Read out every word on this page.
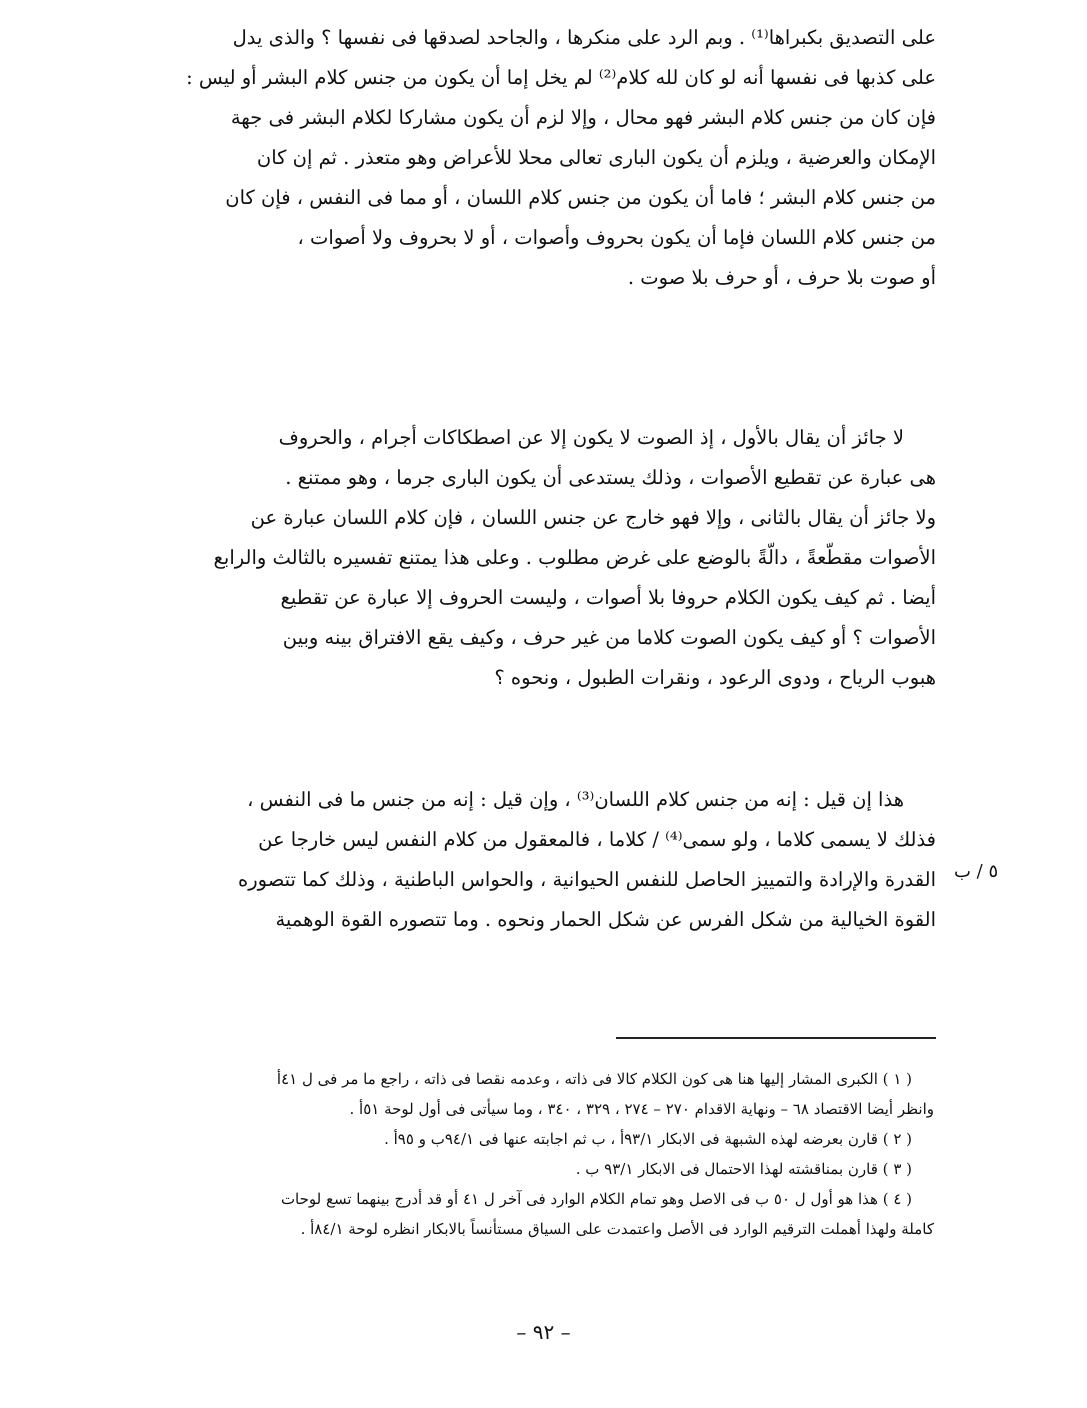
على التصديق بكبراها⁽¹⁾ . وبم الرد على منكرها ، والجاحد لصدقها فى نفسها ؟ والذى يدل
على كذبها فى نفسها أنه لو كان لله كلام⁽²⁾ لم يخل إما أن يكون من جنس كلام البشر أو ليس :
فإن كان من جنس كلام البشر فهو محال ، وإلا لزم أن يكون مشاركا لكلام البشر فى جهة
الإمكان والعرضية ، ويلزم أن يكون البارى تعالى محلا للأعراض وهو متعذر . ثم إن كان
من جنس كلام البشر ؛ فاما أن يكون من جنس كلام اللسان ، أو مما فى النفس ، فإن كان
من جنس كلام اللسان فإما أن يكون بحروف وأصوات ، أو لا بحروف ولا أصوات ،
أو صوت بلا حرف ، أو حرف بلا صوت .

لا جائز أن يقال بالأول ، إذ الصوت لا يكون إلا عن اصطكاكات أجرام ، والحروف
هى عبارة عن تقطيع الأصوات ، وذلك يستدعى أن يكون البارى جرما ، وهو ممتنع .
ولا جائز أن يقال بالثانى ، وإلا فهو خارج عن جنس اللسان ، فإن كلام اللسان عبارة عن
الأصوات مقطّعةً ، دالّةً بالوضع على غرض مطلوب . وعلى هذا يمتنع تفسيره بالثالث والرابع
أيضا . ثم كيف يكون الكلام حروفا بلا أصوات ، وليست الحروف إلا عبارة عن تقطيع
الأصوات ؟ أو كيف يكون الصوت كلاما من غير حرف ، وكيف يقع الافتراق بينه وبين
هبوب الرياح ، ودوى الرعود ، ونقرات الطبول ، ونحوه ؟

هذا إن قيل : إنه من جنس كلام اللسان⁽³⁾ ، وإن قيل : إنه من جنس ما فى النفس ،
فذلك لا يسمى كلاما ، ولو سمى⁽⁴⁾ / كلاما ، فالمعقول من كلام النفس ليس خارجا عن
القدرة والإرادة والتمييز الحاصل للنفس الحيوانية ، والحواس الباطنية ، وذلك كما تتصوره
القوة الخيالية من شكل الفرس عن شكل الحمار ونحوه . وما تتصوره القوة الوهمية

٥ / ب

( ١ ) الكبرى المشار إليها هنا هى كون الكلام كالا فى ذاته ، وعدمه نقصا فى ذاته ، راجع ما مر فى ل ٤١أ
وانظر أيضا الاقتصاد ٦٨ – ونهاية الاقدام ٢٧٠ – ٢٧٤ ، ٣٢٩ ، ٣٤٠ ، وما سيأتى فى أول لوحة ٥١أ .
( ٢ ) قارن بعرضه لهذه الشبهة فى الابكار ٩٣/١أ ، ب ثم اجابته عنها فى ٩٤/١ب و ٩٥أ .
( ٣ ) قارن بمناقشته لهذا الاحتمال فى الابكار ٩٣/١ ب .
( ٤ ) هذا هو أول ل ٥٠ ب فى الاصل وهو تمام الكلام الوارد فى آخر ل ٤١ أو قد أدرج بينهما تسع لوحات
كاملة ولهذا أهملت الترقيم الوارد فى الأصل واعتمدت على السياق مستأنساً بالابكار انظره لوحة ٨٤/١أ .

– ٩٢ –
